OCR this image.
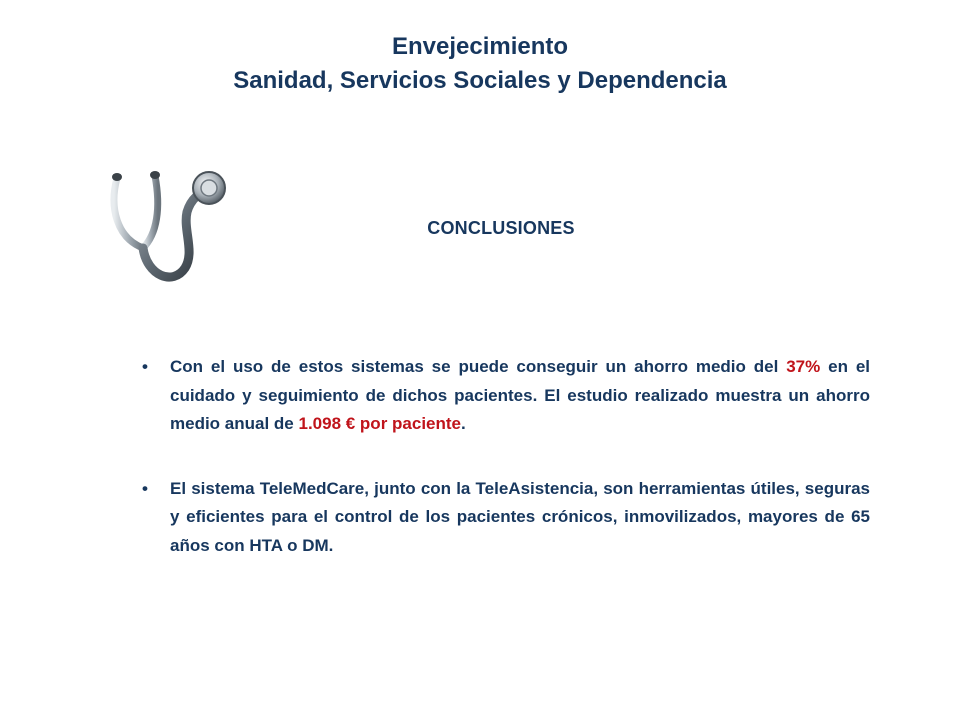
Envejecimiento
Sanidad, Servicios Sociales y Dependencia
CONCLUSIONES
• Con el uso de estos sistemas se puede conseguir un ahorro medio del 37% en el cuidado y seguimiento de dichos pacientes. El estudio realizado muestra un ahorro medio anual de 1.098 € por paciente.
• El sistema TeleMedCare, junto con la TeleAsistencia, son herramientas útiles, seguras y eficientes para el control de los pacientes crónicos, inmovilizados, mayores de 65 años con HTA o DM.
